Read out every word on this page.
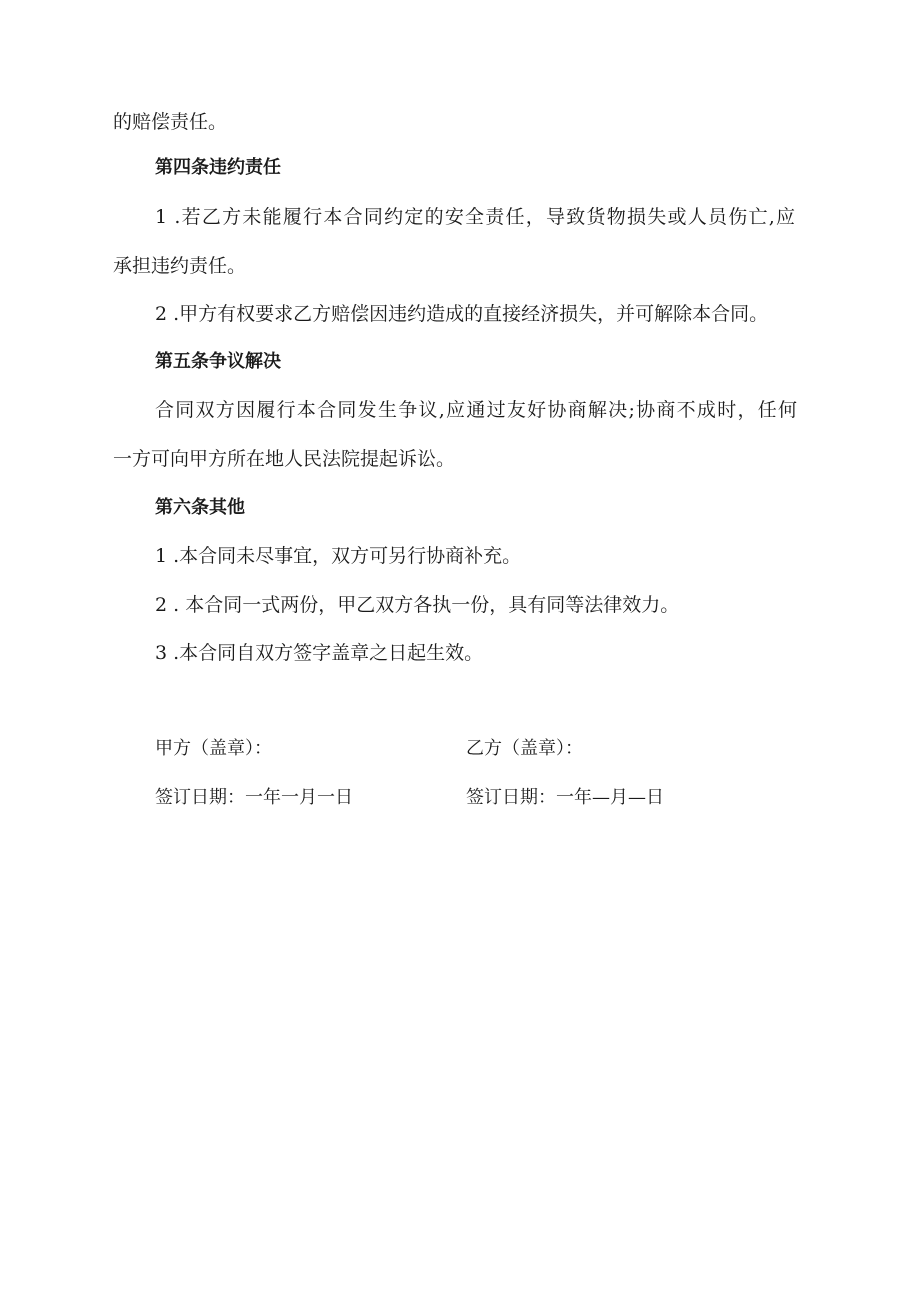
的赔偿责任。
第四条违约责任
1 .若乙方未能履行本合同约定的安全责任，导致货物损失或人员伤亡,应
承担违约责任。
2 .甲方有权要求乙方赔偿因违约造成的直接经济损失，并可解除本合同。
第五条争议解决
合同双方因履行本合同发生争议,应通过友好协商解决;协商不成时，任何
一方可向甲方所在地人民法院提起诉讼。
第六条其他
1 .本合同未尽事宜，双方可另行协商补充。
2 . 本合同一式两份，甲乙双方各执一份，具有同等法律效力。
3 .本合同自双方签字盖章之日起生效。
甲方（盖章）：	乙方（盖章）：
签订日期：一年一月一日	签订日期：一年—月—日
